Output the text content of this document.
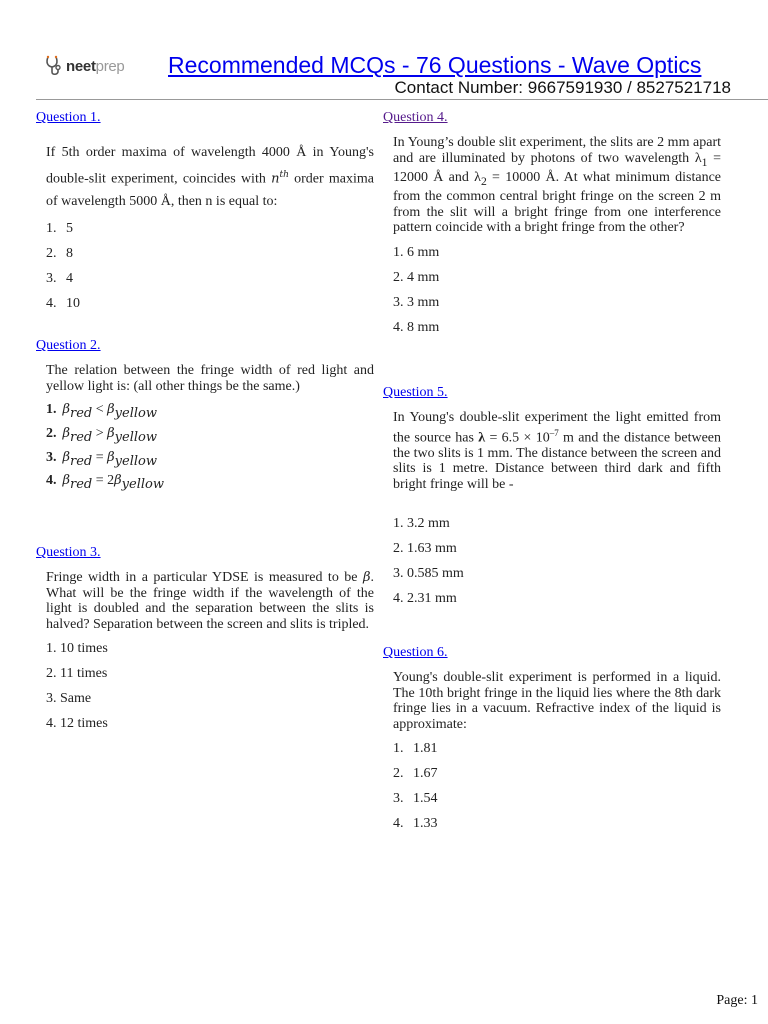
neet prep Recommended MCQs - 76 Questions - Wave Optics
Contact Number: 9667591930 / 8527521718
Question 1.

If 5th order maxima of wavelength 4000 Å in Young's double-slit experiment, coincides with $n^{th}$ order maxima of wavelength 5000 Å, then n is equal to:

1. 5
2. 8
3. 4
4. 10
Question 2.

The relation between the fringe width of red light and yellow light is: (all other things be the same.)

1. $\beta_{red} < \beta_{yellow}$
2. $\beta_{red} > \beta_{yellow}$
3. $\beta_{red} = \beta_{yellow}$
4. $\beta_{red} = 2\beta_{yellow}$
Question 3.

Fringe width in a particular YDSE is measured to be β. What will be the fringe width if the wavelength of the light is doubled and the separation between the slits is halved? Separation between the screen and slits is tripled.

1. 10 times
2. 11 times
3. Same
4. 12 times
Question 4.

In Young’s double slit experiment, the slits are 2 mm apart and are illuminated by photons of two wavelength $\lambda_1 = 12000$ Å and $\lambda_2 = 10000$ Å. At what minimum distance from the common central bright fringe on the screen 2 m from the slit will a bright fringe from one interference pattern coincide with a bright fringe from the other?

1. 6 mm
2. 4 mm
3. 3 mm
4. 8 mm
Question 5.

In Young's double-slit experiment the light emitted from the source has $\lambda = 6.5 \times 10^{-7}$ m and the distance between the two slits is 1 mm. The distance between the screen and slits is 1 metre. Distance between third dark and fifth bright fringe will be -

1. 3.2 mm
2. 1.63 mm
3. 0.585 mm
4. 2.31 mm
Question 6.

Young's double-slit experiment is performed in a liquid. The 10th bright fringe in the liquid lies where the 8th dark fringe lies in a vacuum. Refractive index of the liquid is approximate:

1. 1.81
2. 1.67
3. 1.54
4. 1.33
Page: 1
